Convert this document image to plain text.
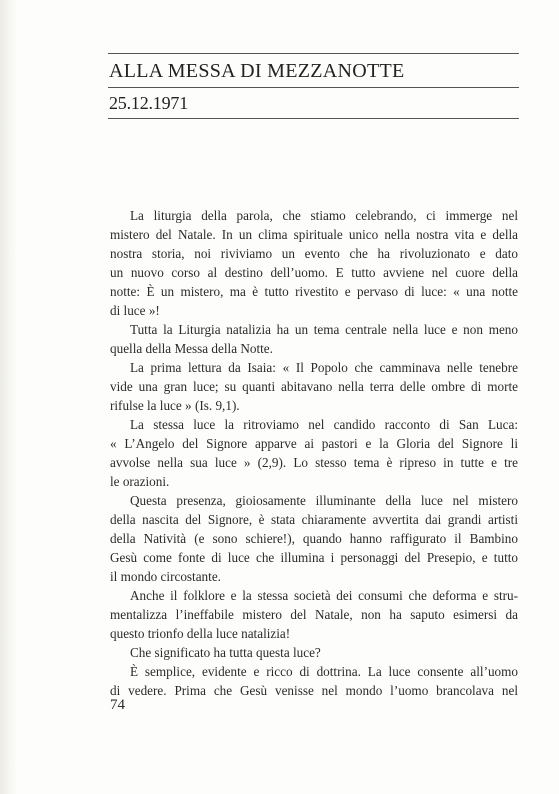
ALLA MESSA DI MEZZANOTTE
25.12.1971
La liturgia della parola, che stiamo celebrando, ci immerge nel
mistero del Natale. In un clima spirituale unico nella nostra vita e della
nostra storia, noi riviviamo un evento che ha rivoluzionato e dato
un nuovo corso al destino dell’uomo. E tutto avviene nel cuore della
notte: È un mistero, ma è tutto rivestito e pervaso di luce: « una notte
di luce »!
Tutta la Liturgia natalizia ha un tema centrale nella luce e non meno
quella della Messa della Notte.
La prima lettura da Isaia: « Il Popolo che camminava nelle tenebre
vide una gran luce; su quanti abitavano nella terra delle ombre di morte
rifulse la luce » (Is. 9,1).
La stessa luce la ritroviamo nel candido racconto di San Luca:
« L’Angelo del Signore apparve ai pastori e la Gloria del Signore li
avvolse nella sua luce » (2,9). Lo stesso tema è ripreso in tutte e tre
le orazioni.
Questa presenza, gioiosamente illuminante della luce nel mistero
della nascita del Signore, è stata chiaramente avvertita dai grandi artisti
della Natività (e sono schiere!), quando hanno raffigurato il Bambino
Gesù come fonte di luce che illumina i personaggi del Presepio, e tutto
il mondo circostante.
Anche il folklore e la stessa società dei consumi che deforma e stru-
mentalizza l’ineffabile mistero del Natale, non ha saputo esimersi da
questo trionfo della luce natalizia!
Che significato ha tutta questa luce?
È semplice, evidente e ricco di dottrina. La luce consente all’uomo
di vedere. Prima che Gesù venisse nel mondo l’uomo brancolava nel
74
